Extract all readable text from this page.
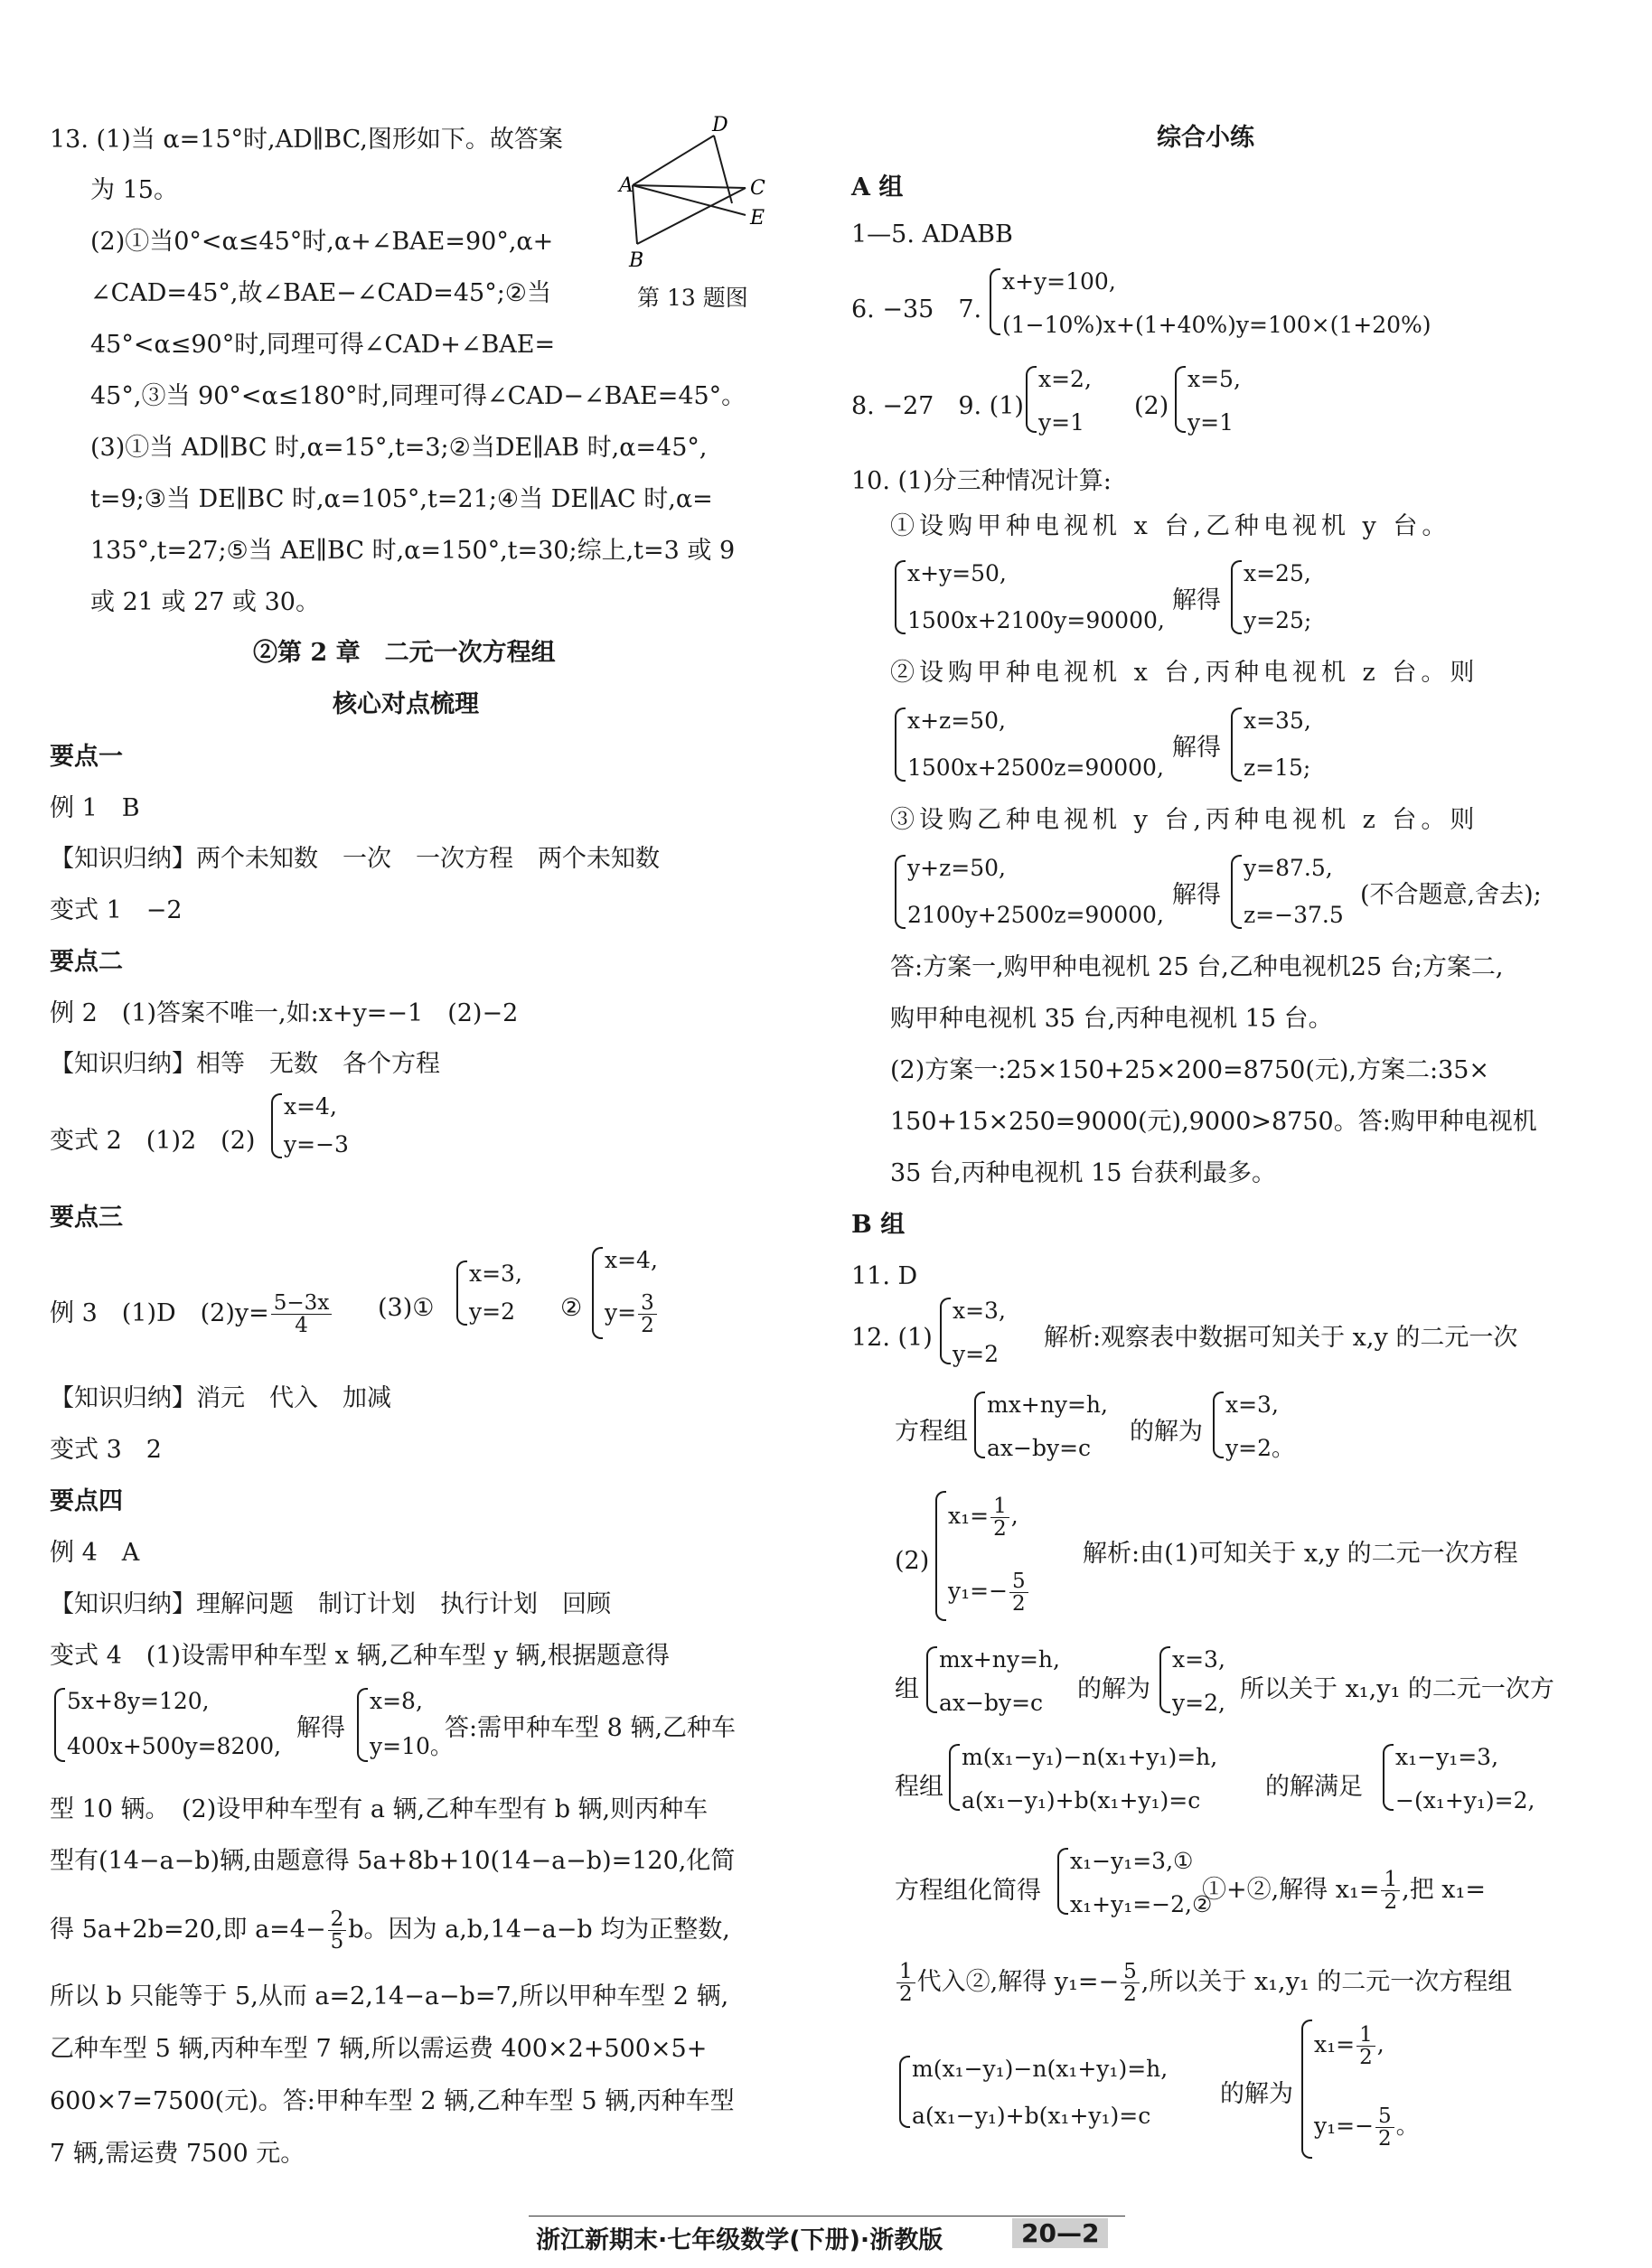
13. (1)当 α=15°时,AD∥BC,图形如下。故答案
为 15。
(2)①当0°<α≤45°时,α+∠BAE=90°,α+
∠CAD=45°,故∠BAE−∠CAD=45°;②当
45°<α≤90°时,同理可得∠CAD+∠BAE=
45°,③当 90°<α≤180°时,同理可得∠CAD−∠BAE=45°。
(3)①当 AD∥BC 时,α=15°,t=3;②当DE∥AB 时,α=45°,
t=9;③当 DE∥BC 时,α=105°,t=21;④当 DE∥AC 时,α=
135°,t=27;⑤当 AE∥BC 时,α=150°,t=30;综上,t=3 或 9
或 21 或 27 或 30。
A
B
C
D
E
第 13 题图
②第 2 章　二元一次方程组
核心对点梳理
要点一
例 1　B
【知识归纳】两个未知数　一次　一次方程　两个未知数
变式 1　−2
要点二
例 2　(1)答案不唯一,如:x+y=−1　(2)−2
【知识归纳】相等　无数　各个方程
变式 2　(1)2　(2)
x=4,
y=−3
要点三
例 3　(1)D　$(2)y= \frac{5-3x}{4}$ (3)①
x=3,
y=2 ②
x=4,
$y= \frac{3}{2}$
【知识归纳】消元　代入　加减
变式 3　2
要点四
例 4　A
【知识归纳】理解问题　制订计划　执行计划　回顾
变式 4　(1)设需甲种车型 x 辆,乙种车型 y 辆,根据题意得
5x+8y=120,
400x+500y=8200,
解得
x=8,
y=10。
答:需甲种车型 8 辆,乙种车
型 10 辆。　(2)设甲种车型有 a 辆,乙种车型有 b 辆,则丙种车
型有(14−a−b)辆,由题意得 5a+8b+10(14−a−b)=120,化简
得 5a+2b=20,即 $a=4- \frac{2}{5}$ b。因为 a,b,14−a−b 均为正整数,
所以 b 只能等于 5,从而 a=2,14−a−b=7,所以甲种车型 2 辆,
乙种车型 5 辆,丙种车型 7 辆,所以需运费 400×2+500×5+
600×7=7500(元)。答:甲种车型 2 辆,乙种车型 5 辆,丙种车型
7 辆,需运费 7500 元。
综合小练
A 组
1—5. ADABB
6. −35　7.
x+y=100,
(1−10%)x+(1+40%)y=100×(1+20%)
8. −27　9. (1)
x=2,
y=1
(2)
x=5,
y=1
10. (1)分三种情况计算:
①设购甲种电视机 x 台,乙种电视机 y 台。
x+y=50,
1500x+2100y=90000,
解得
x=25,
y=25;
②设购甲种电视机 x 台,丙种电视机 z 台。则
x+z=50,
1500x+2500z=90000,
解得
x=35,
z=15;
③设购乙种电视机 y 台,丙种电视机 z 台。则
y+z=50,
2100y+2500z=90000,
解得
y=87.5,
z=−37.5
(不合题意,舍去);
答:方案一,购甲种电视机 25 台,乙种电视机25 台;方案二,
购甲种电视机 35 台,丙种电视机 15 台。
(2)方案一:25×150+25×200=8750(元),方案二:35×
150+15×250=9000(元),9000>8750。答:购甲种电视机
35 台,丙种电视机 15 台获利最多。
B 组
11. D
12. (1)
x=3,
y=2
解析:观察表中数据可知关于 x,y 的二元一次
方程组
mx+ny=h,
ax−by=c
的解为
x=3,
y=2。
(2)
$x_1= \frac{1}{2}$ ,
$y_1=- \frac{5}{2}$
解析:由(1)可知关于 x,y 的二元一次方程
组
mx+ny=h,
ax−by=c 的解为
x=3,
y=2, 所以关于 x₁,y₁ 的二元一次方
程组
m(x₁−y₁)−n(x₁+y₁)=h,
a(x₁−y₁)+b(x₁+y₁)=c	的解满足
x₁−y₁=3,
−(x₁+y₁)=2,
方程组化简得
x₁−y₁=3,①
x₁+y₁=−2,②
①+②,解得 $x_1= \frac{1}{2}$ ,把 x₁=
$\frac{1}{2}$ 代入②,解得 $y_1=- \frac{5}{2}$ ,所以关于 x₁,y₁ 的二元一次方程组
m(x₁−y₁)−n(x₁+y₁)=h,
a(x₁−y₁)+b(x₁+y₁)=c
的解为
$x_1= \frac{1}{2}$ ,
$y_1=- \frac{5}{2}$ 。
浙江新期末·七年级数学(下册)·浙教版	20—2
